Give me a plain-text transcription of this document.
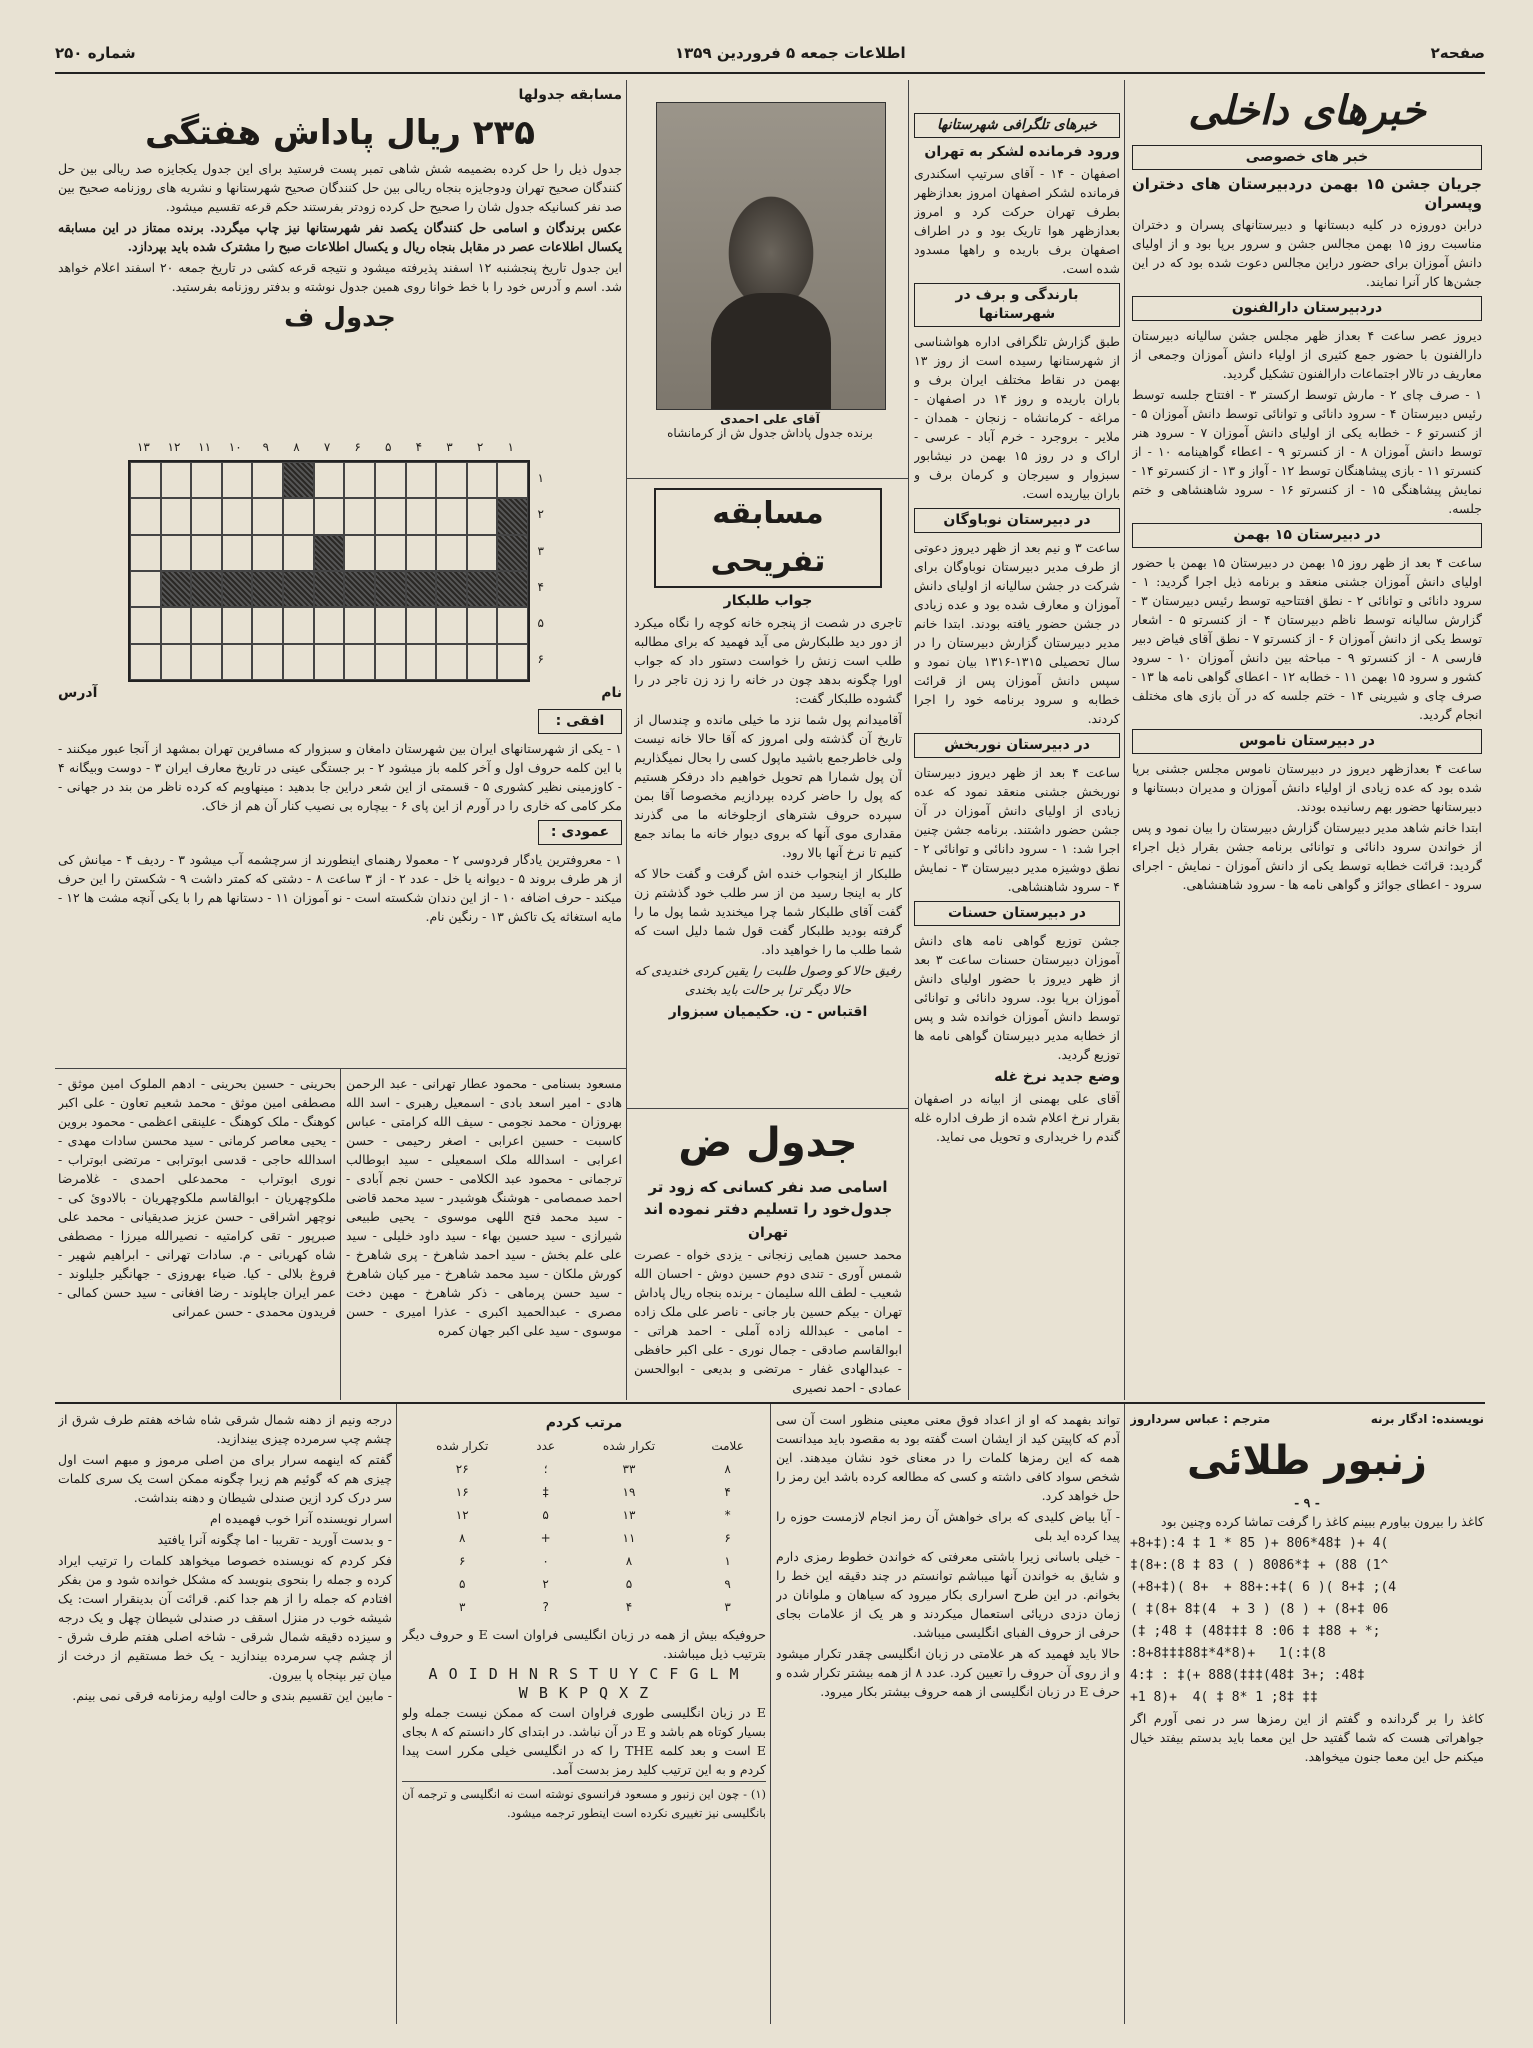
صفحه۲
اطلاعات جمعه ۵ فروردین ۱۳۵۹
شماره ۲۵۰
خبرهای داخلی
خبر های خصوصی
جریان جشن ۱۵ بهمن دردبیرستان های دختران وپسران

درابن دوروزه در کلیه دبستانها و دبیرستانهای پسران و دختران مناسبت روز ۱۵ بهمن مجالس جشن و سرور برپا بود و از اولیای دانش آموزان برای حضور دراین مجالس دعوت شده بود که در این جشن‌ها کار آنرا نمایند.

دردبیرستان دارالفنون

دیروز عصر ساعت ۴ بعداز ظهر مجلس جشن سالیانه دبیرستان دارالفنون با حضور جمع کثیری از اولیاء دانش آموزان وجمعی از معاریف در تالار اجتماعات دارالفنون تشکیل گردید.

۱ - صرف چای ۲ - مارش توسط ارکستر ۳ - افتتاح جلسه توسط رئیس دبیرستان ۴ - سرود دانائی و توانائی توسط دانش آموزان ۵ - از کنسرتو ۶ - خطابه یکی از اولیای دانش آموزان ۷ - سرود هنر توسط دانش آموزان ۸ - از کنسرتو ۹ - اعطاء گواهینامه ۱۰ - از کنسرتو ۱۱ - بازی پیشاهنگان توسط ۱۲ - آواز و ۱۳ - از کنسرتو ۱۴ - نمایش پیشاهنگی ۱۵ - از کنسرتو ۱۶ - سرود شاهنشاهی و ختم جلسه.

در دبیرستان ۱۵ بهمن

ساعت ۴ بعد از ظهر روز ۱۵ بهمن در دبیرستان ۱۵ بهمن با حضور اولیای دانش آموزان جشنی منعقد و برنامه ذیل اجرا گردید: ۱ - سرود دانائی و توانائی ۲ - نطق افتتاحیه توسط رئیس دبیرستان ۳ - گزارش سالیانه توسط ناظم دبیرستان ۴ - از کنسرتو ۵ - اشعار توسط یکی از دانش آموزان ۶ - از کنسرتو ۷ - نطق آقای فیاض دبیر فارسی ۸ - از کنسرتو ۹ - مباحثه بین دانش آموزان ۱۰ - سرود کشور و سرود ۱۵ بهمن ۱۱ - خطابه ۱۲ - اعطای گواهی نامه ها ۱۳ - صرف چای و شیرینی ۱۴ - ختم جلسه که در آن بازی های مختلف انجام گردید.

در دبیرستان ناموس

ساعت ۴ بعدازظهر دیروز در دبیرستان ناموس مجلس جشنی برپا شده بود که عده زیادی از اولیاء دانش آموزان و مدیران دبستانها و دبیرستانها حضور بهم رسانیده بودند.

ابتدا خانم شاهد مدیر دبیرستان گزارش دبیرستان را بیان نمود و پس از خواندن سرود دانائی و توانائی برنامه جشن بقرار ذیل اجراء گردید: قرائت خطابه توسط یکی از دانش آموزان - نمایش - اجرای سرود - اعطای جوائز و گواهی نامه ها - سرود شاهنشاهی.

خبرهای تلگرافی شهرستانها
ورود فرمانده لشکر به تهران

اصفهان - ۱۴ - آقای سرتیپ اسکندری فرمانده لشکر اصفهان امروز بعدازظهر بطرف تهران حرکت کرد و امروز بعدازظهر هوا تاریک بود و در اطراف اصفهان برف باریده و راهها مسدود شده است.

بارندگی و برف در شهرستانها

طبق گزارش تلگرافی اداره هواشناسی از شهرستانها رسیده است از روز ۱۳ بهمن در نقاط مختلف ایران برف و باران باریده و روز ۱۴ در اصفهان - مراغه - کرمانشاه - زنجان - همدان - ملایر - بروجرد - خرم آباد - عرسی - اراک و در روز ۱۵ بهمن در نیشابور سبزوار و سیرجان و کرمان برف و باران بیاریده است.

در دبیرستان نوباوگان

ساعت ۳ و نیم بعد از ظهر دیروز دعوتی از طرف مدیر دبیرستان نوباوگان برای شرکت در جشن سالیانه از اولیای دانش آموزان و معارف شده بود و عده زیادی در جشن حضور یافته بودند. ابتدا خانم مدیر دبیرستان گزارش دبیرستان را در سال تحصیلی ۱۳۱۵-۱۳۱۶ بیان نمود و سپس دانش آموزان پس از قرائت خطابه و سرود برنامه خود را اجرا کردند.

در دبیرستان نوربخش

ساعت ۴ بعد از ظهر دیروز دبیرستان نوربخش جشنی منعقد نمود که عده زیادی از اولیای دانش آموزان در آن جشن حضور داشتند. برنامه جشن چنین اجرا شد: ۱ - سرود دانائی و توانائی ۲ - نطق دوشیزه مدیر دبیرستان ۳ - نمایش ۴ - سرود شاهنشاهی.

در دبیرستان حسنات

جشن توزیع گواهی نامه های دانش آموزان دبیرستان حسنات ساعت ۳ بعد از ظهر دیروز با حضور اولیای دانش آموزان برپا بود. سرود دانائی و توانائی توسط دانش آموزان خوانده شد و پس از خطابه مدیر دبیرستان گواهی نامه ها توزیع گردید.

وضع جدید نرخ غله

آقای علی بهمنی از ابیانه در اصفهان بقرار نرخ اعلام شده از طرف اداره غله گندم را خریداری و تحویل می نماید.

آقای علی احمدی
برنده جدول پاداش جدول ش از کرمانشاه
مسابقه تفریحی
جواب طلبکار

تاجری در شصت از پنجره خانه کوچه را نگاه میکرد از دور دید طلبکارش می آید فهمید که برای مطالبه طلب است زنش را خواست دستور داد که جواب اورا چگونه بدهد چون در خانه را زد زن تاجر در را گشوده طلبکار گفت:

آقامیدانم پول شما نزد ما خیلی مانده و چندسال از تاریخ آن گذشته ولی امروز که آقا حالا خانه نیست ولی خاطرجمع باشید ماپول کسی را بحال نمیگذاریم آن پول شمارا هم تحویل خواهیم داد درفکر هستیم که پول را حاضر کرده بپردازیم مخصوصا آقا بمن سپرده حروف شترهای ازجلوخانه ما می گذرند مقداری موی آنها که بروی دیوار خانه ما بماند جمع کنیم تا نرخ آنها بالا رود.

طلبکار از اینجواب خنده اش گرفت و گفت حالا که کار به اینجا رسید من از سر طلب خود گذشتم زن گفت آقای طلبکار شما چرا میخندید شما پول ما را گرفته بودید طلبکار گفت قول شما دلیل است که شما طلب ما را خواهید داد.

رفیق حالا کو وصول طلبت را یقین کردی خندیدی که حالا دیگر ترا بر حالت باید بخندی

اقتباس - ن. حکیمیان سبزوار
جدول ض
اسامی صد نفر کسانی که زود تر جدول‌خود را تسلیم دفتر نموده اند
تهران

محمد حسین همایی زنجانی - یزدی خواه - عصرت شمس آوری - تندی دوم حسین دوش - احسان الله شعیب - لطف الله سلیمان - برنده بنجاه ریال پاداش تهران - بیکم حسین بار جانی - ناصر علی ملک زاده - امامی - عبدالله زاده آملی - احمد هراتی - ابوالقاسم صادقی - جمال نوری - علی اکبر حافظی - عبدالهادی غفار - مرتضی و بدیعی - ابوالحسن عمادی - احمد نصیری

مسابقه جدولها
۲۳۵ ریال پاداش هفتگی

جدول ذیل را حل کرده بضمیمه شش شاهی تمبر پست فرستید برای این جدول یکجایزه صد ریالی بین حل کنندگان صحیح تهران ودوجایزه بنجاه ریالی بین حل کنندگان صحیح شهرستانها و نشریه های روزنامه صحیح بین صد نفر کسانیکه جدول شان را صحیح حل کرده زودتر بفرستند حکم قرعه تقسیم میشود.

عکس برندگان و اسامی حل کنندگان یکصد نفر شهرستانها نیز چاپ میگردد. برنده ممتاز در این مسابقه یکسال اطلاعات عصر در مقابل بنجاه ریال و یکسال اطلاعات صبح را مشترک شده باید بپردازد.

این جدول تاریخ پنجشنبه ۱۲ اسفند پذیرفته میشود و نتیجه قرعه کشی در تاریخ جمعه ۲۰ اسفند اعلام خواهد شد. اسم و آدرس خود را با خط خوانا روی همین جدول نوشته و بدفتر روزنامه بفرستید.

جدول ف
۱
۲
۳
۴
۵
۶
۷
۸
۹
۱۰
۱۱
۱۲
۱۳
۱
۲
۳
۴
۵
۶
نام
آدرس
افقی :

۱ - یکی از شهرستانهای ایران بین شهرستان دامغان و سبزوار که مسافرین تهران بمشهد از آنجا عبور میکنند - با این کلمه حروف اول و آخر کلمه باز میشود ۲ - بر جستگی عینی در تاریخ معارف ایران ۳ - دوست وبیگانه ۴ - کاوزمینی نظیر کشوری ۵ - قسمتی از این شعر دراین جا بدهید : مینهاویم که کرده ناظر من بند در جهانی - مکر کامی که خاری را در آورم از این پای ۶ - بیچاره بی نصیب کنار آن هم از خاک.

عمودی :

۱ - معروفترین یادگار فردوسی ۲ - معمولا رهنمای اینطورند از سرچشمه آب میشود ۳ - ردیف ۴ - میانش کی از هر طرف بروند ۵ - دیوانه یا خل - عدد ۲ - از ۳ ساعت ۸ - دشتی که کمتر داشت ۹ - شکستن را این حرف میکند - حرف اضافه ۱۰ - از این دندان شکسته است - نو آموزان ۱۱ - دستانها هم را با یکی آنچه مشت ها ۱۲ - مایه استغاثه یک تاکش ۱۳ - رنگین نام.

مسعود بسنامی - محمود عطار تهرانی - عبد الرحمن هادی - امیر اسعد بادی - اسمعیل رهبری - اسد الله بهروزان - محمد نجومی - سیف الله کرامتی - عباس کاسبت - حسین اعرابی - اصغر رحیمی - حسن اعرابی - اسدالله ملک اسمعیلی - سید ابوطالب ترجمانی - محمود عبد الکلامی - حسن نجم آبادی - احمد صمصامی - هوشنگ هوشیدر - سید محمد قاضی - سید محمد فتح اللهی موسوی - یحیی طبیعی شیرازی - سید حسین بهاء - سید داود خلیلی - سید علی علم بخش - سید احمد شاهرخ - پری شاهرخ - کورش ملکان - سید محمد شاهرخ - میر کیان شاهرخ - سید حسن پرماهی - ذکر شاهرخ - مهین دخت مصری - عبدالحمید اکبری - عذرا امیری - حسن موسوی - سید علی اکبر جهان کمره

بحرینی - حسین بحرینی - ادهم الملوک امین موثق - مصطفی امین موثق - محمد شعیم تعاون - علی اکبر کوهنگ - ملک کوهنگ - علینقی اعظمی - محمود بروین - یحیی معاصر کرمانی - سید محسن سادات مهدی - اسدالله حاجی - قدسی ابوترابی - مرتضی ابوتراب - نوری ابوتراب - محمدعلی احمدی - غلامرضا ملکوچهریان - ابوالقاسم ملکوچهریان - بالادوئ کی - نوچهر اشراقی - حسن عزیز صدیقیانی - محمد علی صبرپور - تقی کرامتیه - نصیرالله میرزا - مصطفی شاه کهربانی - م. سادات تهرانی - ابراهیم شهیر - فروغ بلالی - کیا. ضیاء بهروزی - جهانگیر جلیلوند - عمر ایران جاپلوند - رضا افغانی - سید حسن کمالی - فریدون محمدی - حسن عمرانی

نویسنده: ادگار برنه
مترجم : عباس سرداروز
زنبور طلائی
- ۹ -

کاغذ را بیرون بیاورم ببینم کاغذ را گرفت تماشا کرده وچنین بود

+8+‡):4 ‡ 1 * 85 )+ 806*48‡ )+ 4(
‡(8+:(8 ‡ 83 ( ) 8086*‡ + (88 (1^
(+8+‡)( 8+  + 88+:+‡( 6 )( 8+‡ ;(4
( ‡(8+ 8‡(4  + 3 ) (8 ) + (8+‡ 06
(‡ ;48 ‡ (48‡‡‡ 8 :06 ‡ ‡88 + *;
:8+8‡‡‡88‡*4*8)+   1(:‡(8
4:‡ : ‡(+ 888(‡‡‡(48‡ 3+; :48‡
+1 8)+  4( ‡ 8* 1 ;8‡ ‡‡

کاغذ را بر گردانده و گفتم از این رمزها سر در نمی آورم اگر جواهراتی هست که شما گفتید حل این معما باید بدستم بیفتد خیال میکنم حل این معما جنون میخواهد.

تواند بفهمد که او از اعداد فوق معنی معینی منظور است آن سی آدم که کاپیتن کید از ایشان است گفته بود به مقصود باید میدانست همه که این رمزها کلمات را در معنای خود نشان میدهند. این شخص سواد کافی داشته و کسی که مطالعه کرده باشد این رمز را حل خواهد کرد.

- آیا بیاض کلیدی که برای خواهش آن رمز انجام لازمست حوزه را پیدا کرده اید بلی

- خیلی باسانی زیرا باشتی معرفتی که خواندن خطوط رمزی دارم و شایق به خواندن آنها میباشم توانستم در چند دقیقه این خط را بخوانم. در این طرح اسراری بکار میرود که سیاهان و ملوانان در زمان دزدی دریائی استعمال میکردند و هر یک از علامات بجای حرفی از حروف الفبای انگلیسی میباشد.

حالا باید فهمید که هر علامتی در زبان انگلیسی چقدر تکرار میشود و از روی آن حروف را تعیین کرد. عدد ۸ از همه بیشتر تکرار شده و حرف E در زبان انگلیسی از همه حروف بیشتر بکار میرود.

مرتب کردم
علامت	تکرار شده	عدد	تکرار شده
۸	۳۳	؛	۲۶
۴	۱۹	‡	۱۶
*	۱۳	۵	۱۲
۶	۱۱	+	۸
۱	۸	۰	۶
۹	۵	۲	۵
۳	۴	?	۳

حروفیکه بیش از همه در زبان انگلیسی فراوان است E و حروف دیگر بترتیب ذیل میباشند.

A O I D H N R S T U Y C F G L M
W B K P Q X Z

E در زبان انگلیسی طوری فراوان است که ممکن نیست جمله ولو بسیار کوتاه هم باشد و E در آن نباشد. در ابتدای کار دانستم که ۸ بجای E است و بعد کلمه THE را که در انگلیسی خیلی مکرر است پیدا کردم و به این ترتیب کلید رمز بدست آمد.

(۱) - چون این زنبور و مسعود فرانسوی نوشته است نه انگلیسی و ترجمه آن بانگلیسی نیز تغییری نکرده است اینطور ترجمه میشود.

درجه ونیم از دهنه شمال شرقی شاه شاخه هفتم طرف شرق از چشم چپ سرمرده چیزی بیندازید.

گفتم که اینهمه سرار برای من اصلی مرموز و مبهم است اول چیزی هم که گوئیم هم زیرا چگونه ممکن است یک سری کلمات سر درک کرد ازین صندلی شیطان و دهنه بنداشت.

اسرار نویسنده آنرا خوب فهمیده ام

- و بدست آورید - تقریبا - اما چگونه آنرا یافتید

فکر کردم که نویسنده خصوصا میخواهد کلمات را ترتیب ایراد کرده و جمله را بنحوی بنویسد که مشکل خوانده شود و من بفکر افتادم که جمله را از هم جدا کنم. قرائت آن بدینقرار است: یک شیشه خوب در منزل اسقف در صندلی شیطان چهل و یک درجه و سیزده دقیقه شمال شرقی - شاخه اصلی هفتم طرف شرق - از چشم چپ سرمرده بیندازید - یک خط مستقیم از درخت از میان تیر بپنجاه پا بیرون.

- مابین این تقسیم بندی و حالت اولیه رمزنامه فرقی نمی بینم.
